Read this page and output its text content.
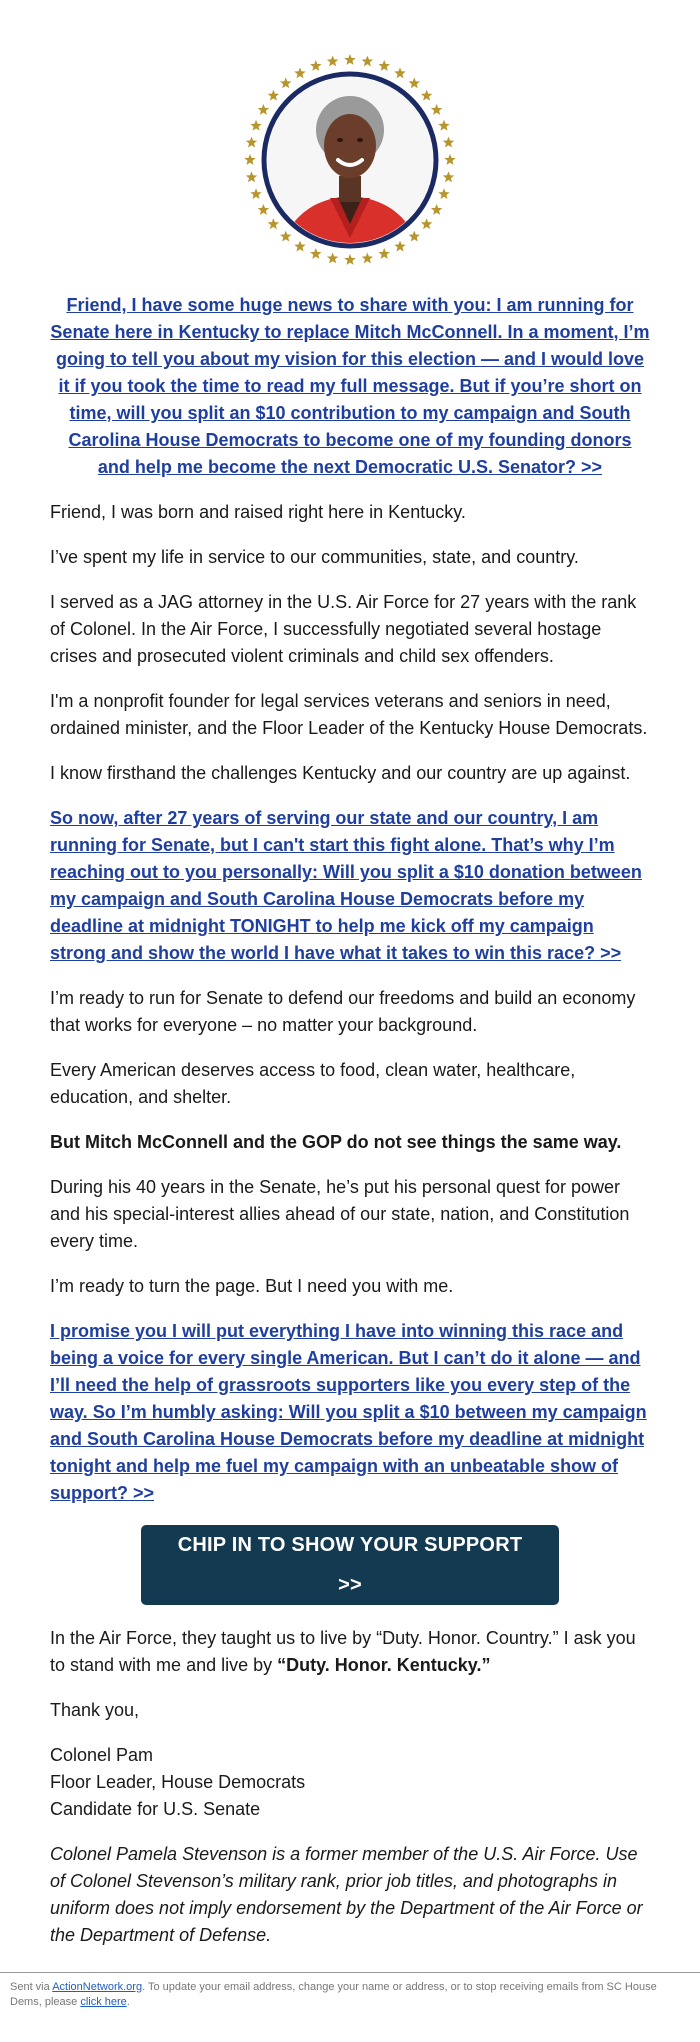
Friend, I have some huge news to share with you: I am running for Senate here in Kentucky to replace Mitch McConnell. In a moment, I’m going to tell you about my vision for this election — and I would love it if you took the time to read my full message. But if you’re short on time, will you split an $10 contribution to my campaign and South Carolina House Democrats to become one of my founding donors and help me become the next Democratic U.S. Senator? >>

Friend, I was born and raised right here in Kentucky.

I’ve spent my life in service to our communities, state, and country.

I served as a JAG attorney in the U.S. Air Force for 27 years with the rank of Colonel. In the Air Force, I successfully negotiated several hostage crises and prosecuted violent criminals and child sex offenders.

I'm a nonprofit founder for legal services veterans and seniors in need, ordained minister, and the Floor Leader of the Kentucky House Democrats.

I know firsthand the challenges Kentucky and our country are up against.

So now, after 27 years of serving our state and our country, I am running for Senate, but I can't start this fight alone. That’s why I’m reaching out to you personally: Will you split a $10 donation between my campaign and South Carolina House Democrats before my deadline at midnight TONIGHT to help me kick off my campaign strong and show the world I have what it takes to win this race? >>

I’m ready to run for Senate to defend our freedoms and build an economy that works for everyone – no matter your background.

Every American deserves access to food, clean water, healthcare, education, and shelter.

But Mitch McConnell and the GOP do not see things the same way.

During his 40 years in the Senate, he’s put his personal quest for power and his special-interest allies ahead of our state, nation, and Constitution every time.

I’m ready to turn the page. But I need you with me.

I promise you I will put everything I have into winning this race and being a voice for every single American. But I can’t do it alone — and I’ll need the help of grassroots supporters like you every step of the way. So I’m humbly asking: Will you split a $10 between my campaign and South Carolina House Democrats before my deadline at midnight tonight and help me fuel my campaign with an unbeatable show of support? >>

CHIP IN TO SHOW YOUR SUPPORT >>

In the Air Force, they taught us to live by “Duty. Honor. Country.” I ask you to stand with me and live by “Duty. Honor. Kentucky.”

Thank you,

Colonel Pam
Floor Leader, House Democrats
Candidate for U.S. Senate

Colonel Pamela Stevenson is a former member of the U.S. Air Force. Use of Colonel Stevenson’s military rank, prior job titles, and photographs in uniform does not imply endorsement by the Department of the Air Force or the Department of Defense.

Sent via ActionNetwork.org. To update your email address, change your name or address, or to stop receiving emails from SC House Dems, please click here.
